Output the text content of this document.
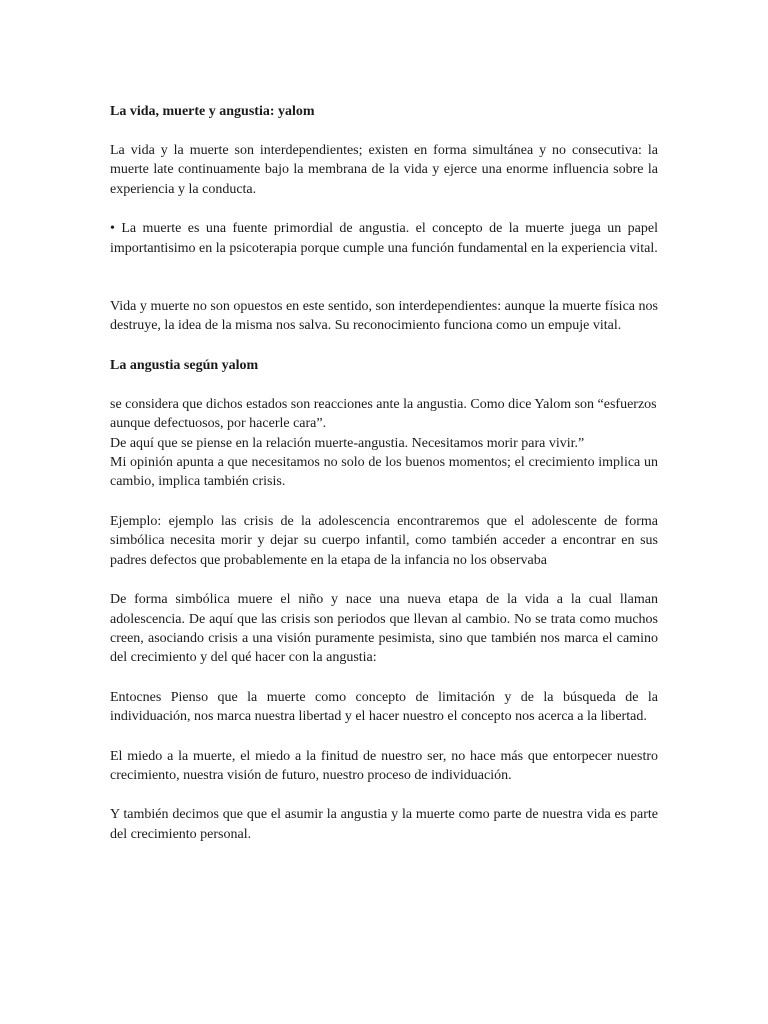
La vida, muerte y angustia: yalom

La vida y la muerte son interdependientes; existen en forma simultánea y no consecutiva: la muerte late continuamente bajo la membrana de la vida y ejerce una enorme influencia sobre la experiencia y la conducta.

• La muerte es una fuente primordial de angustia. el concepto de la muerte juega un papel importantisimo en la psicoterapia porque cumple una función fundamental en la experiencia vital.

Vida y muerte no son opuestos en este sentido, son interdependientes: aunque la muerte física nos destruye, la idea de la misma nos salva. Su reconocimiento funciona como un empuje vital.

La angustia según yalom

se considera que dichos estados son reacciones ante la angustia. Como dice Yalom son “esfuerzos aunque defectuosos, por hacerle cara”.
De aquí que se piense en la relación muerte-angustia. Necesitamos morir para vivir.”
Mi opinión apunta a que necesitamos no solo de los buenos momentos; el crecimiento implica un cambio, implica también crisis.

Ejemplo: ejemplo las crisis de la adolescencia encontraremos que el adolescente de forma simbólica necesita morir y dejar su cuerpo infantil, como también acceder a encontrar en sus padres defectos que probablemente en la etapa de la infancia no los observaba

De forma simbólica muere el niño y nace una nueva etapa de la vida a la cual llaman adolescencia. De aquí que las crisis son periodos que llevan al cambio. No se trata como muchos creen, asociando crisis a una visión puramente pesimista, sino que también nos marca el camino del crecimiento y del qué hacer con la angustia:

Entocnes Pienso que la muerte como concepto de limitación y de la búsqueda de la individuación, nos marca nuestra libertad y el hacer nuestro el concepto nos acerca a la libertad.

El miedo a la muerte, el miedo a la finitud de nuestro ser, no hace más que entorpecer nuestro crecimiento, nuestra visión de futuro, nuestro proceso de individuación.

Y también decimos que que el asumir la angustia y la muerte como parte de nuestra vida es parte del crecimiento personal.
